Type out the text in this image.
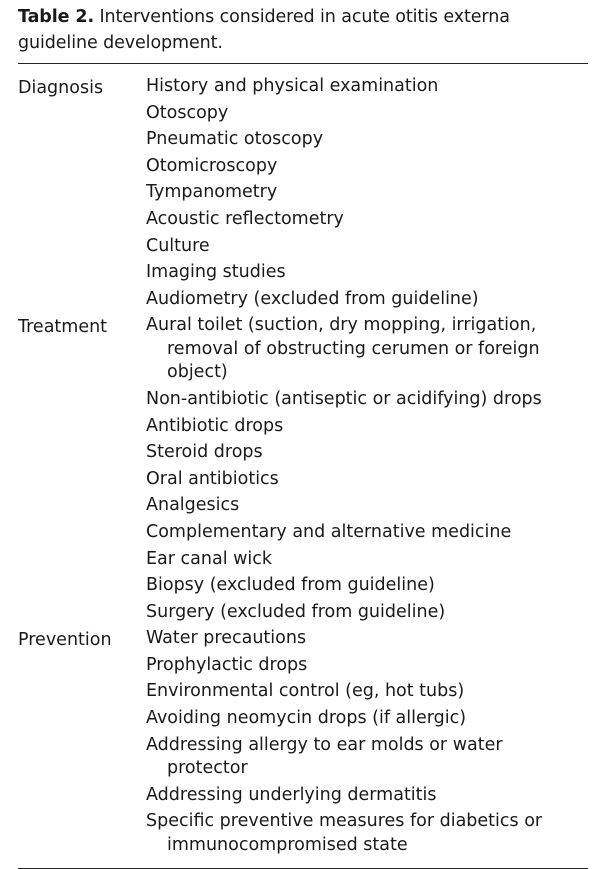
Table 2. Interventions considered in acute otitis externa guideline development.

Diagnosis	History and physical examination
Otoscopy
Pneumatic otoscopy
Otomicroscopy
Tympanometry
Acoustic reflectometry
Culture
Imaging studies
Audiometry (excluded from guideline)
Treatment	Aural toilet (suction, dry mopping, irrigation, removal of obstructing cerumen or foreign object)
Non-antibiotic (antiseptic or acidifying) drops
Antibiotic drops
Steroid drops
Oral antibiotics
Analgesics
Complementary and alternative medicine
Ear canal wick
Biopsy (excluded from guideline)
Surgery (excluded from guideline)
Prevention	Water precautions
Prophylactic drops
Environmental control (eg, hot tubs)
Avoiding neomycin drops (if allergic)
Addressing allergy to ear molds or water protector
Addressing underlying dermatitis
Specific preventive measures for diabetics or immunocompromised state
